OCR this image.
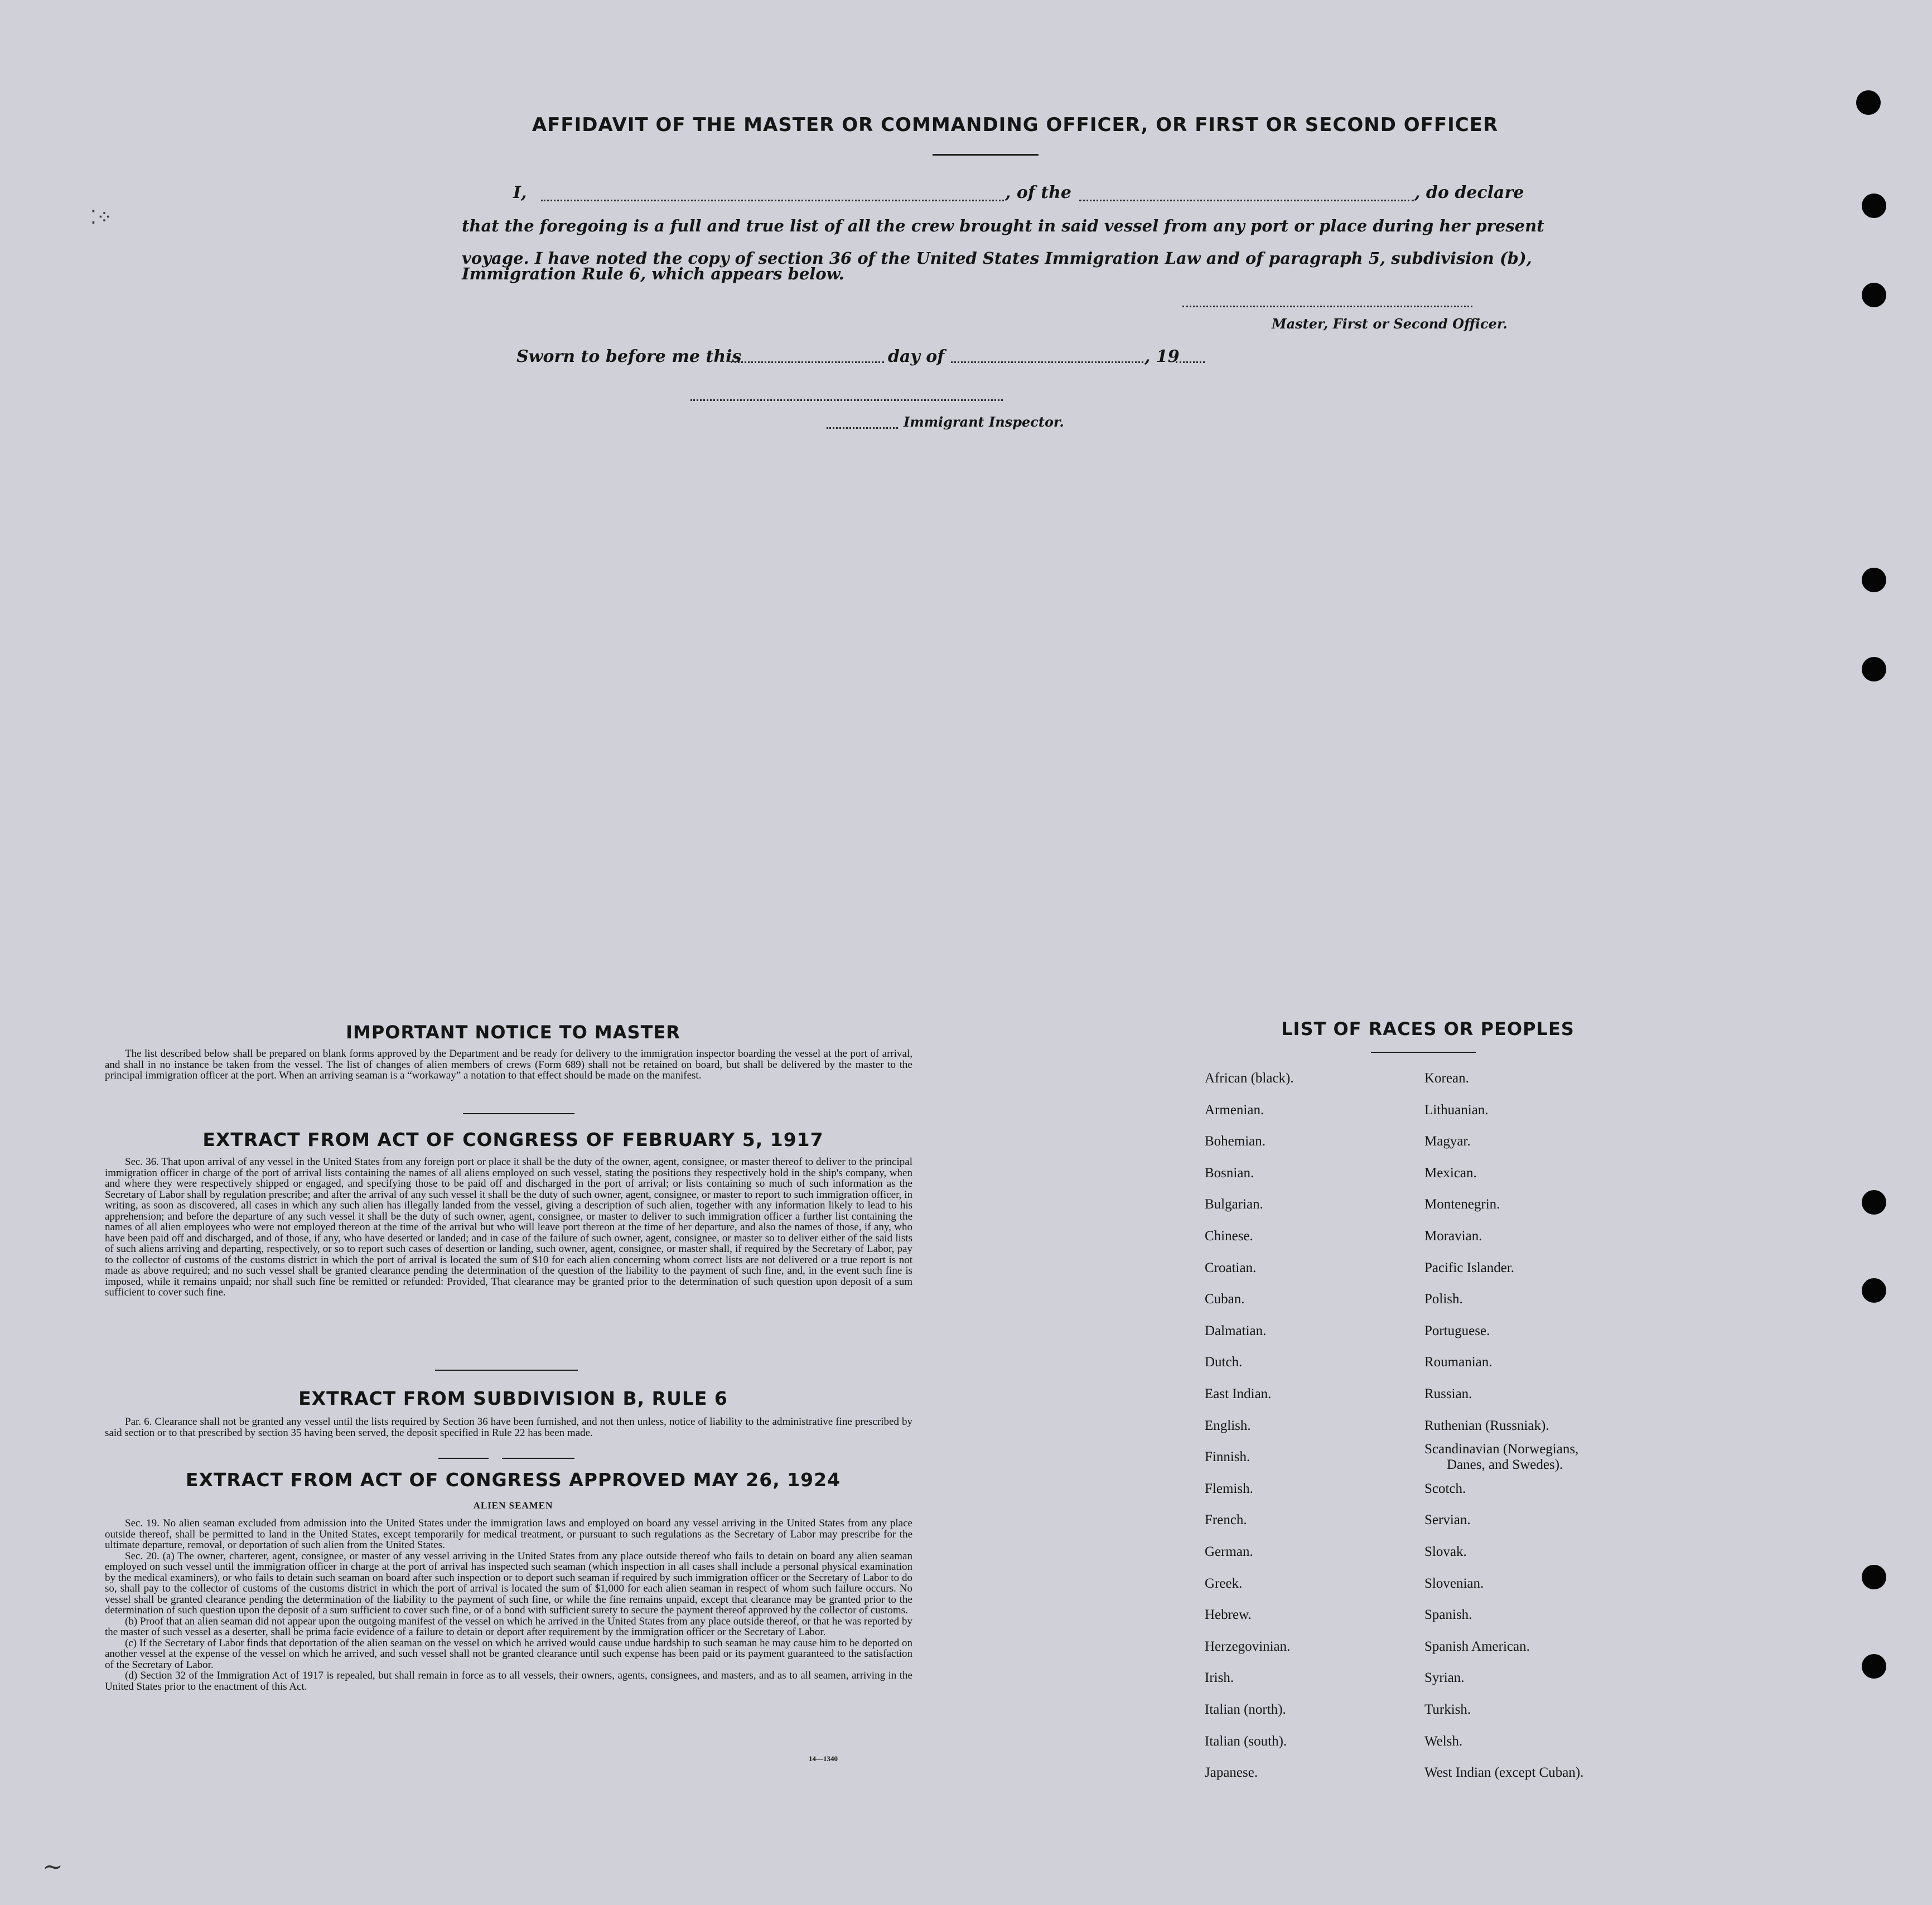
⁚⁘
~
AFFIDAVIT OF THE MASTER OR COMMANDING OFFICER, OR FIRST OR SECOND OFFICER
I,	, of the	, do declare
that the foregoing is a full and true list of all the crew brought in said vessel from any port or place during her present
voyage. I have noted the copy of section 36 of the United States Immigration Law and of paragraph 5, subdivision (b),
Immigration Rule 6, which appears below.
Master, First or Second Officer.
Sworn to before me this	day of	, 19
Immigrant Inspector.
IMPORTANT NOTICE TO MASTER

The list described below shall be prepared on blank forms approved by the Department and be ready for delivery to the immigration inspector boarding the vessel at the port of arrival, and shall in no instance be taken from the vessel. The list of changes of alien members of crews (Form 689) shall not be retained on board, but shall be delivered by the master to the principal immigration officer at the port. When an arriving seaman is a “workaway” a notation to that effect should be made on the manifest.

EXTRACT FROM ACT OF CONGRESS OF FEBRUARY 5, 1917

Sec. 36. That upon arrival of any vessel in the United States from any foreign port or place it shall be the duty of the owner, agent, consignee, or master thereof to deliver to the principal immigration officer in charge of the port of arrival lists containing the names of all aliens employed on such vessel, stating the positions they respectively hold in the ship's company, when and where they were respectively shipped or engaged, and specifying those to be paid off and discharged in the port of arrival; or lists containing so much of such information as the Secretary of Labor shall by regulation prescribe; and after the arrival of any such vessel it shall be the duty of such owner, agent, consignee, or master to report to such immigration officer, in writing, as soon as discovered, all cases in which any such alien has illegally landed from the vessel, giving a description of such alien, together with any information likely to lead to his apprehension; and before the departure of any such vessel it shall be the duty of such owner, agent, consignee, or master to deliver to such immigration officer a further list containing the names of all alien employees who were not employed thereon at the time of the arrival but who will leave port thereon at the time of her departure, and also the names of those, if any, who have been paid off and discharged, and of those, if any, who have deserted or landed; and in case of the failure of such owner, agent, consignee, or master so to deliver either of the said lists of such aliens arriving and departing, respectively, or so to report such cases of desertion or landing, such owner, agent, consignee, or master shall, if required by the Secretary of Labor, pay to the collector of customs of the customs district in which the port of arrival is located the sum of $10 for each alien concerning whom correct lists are not delivered or a true report is not made as above required; and no such vessel shall be granted clearance pending the determination of the question of the liability to the payment of such fine, and, in the event such fine is imposed, while it remains unpaid; nor shall such fine be remitted or refunded: Provided, That clearance may be granted prior to the determination of such question upon deposit of a sum sufficient to cover such fine.

EXTRACT FROM SUBDIVISION B, RULE 6

Par. 6. Clearance shall not be granted any vessel until the lists required by Section 36 have been furnished, and not then unless, notice of liability to the administrative fine prescribed by said section or to that prescribed by section 35 having been served, the deposit specified in Rule 22 has been made.

EXTRACT FROM ACT OF CONGRESS APPROVED MAY 26, 1924
ALIEN SEAMEN

Sec. 19. No alien seaman excluded from admission into the United States under the immigration laws and employed on board any vessel arriving in the United States from any place outside thereof, shall be permitted to land in the United States, except temporarily for medical treatment, or pursuant to such regulations as the Secretary of Labor may prescribe for the ultimate departure, removal, or deportation of such alien from the United States.

Sec. 20. (a) The owner, charterer, agent, consignee, or master of any vessel arriving in the United States from any place outside thereof who fails to detain on board any alien seaman employed on such vessel until the immigration officer in charge at the port of arrival has inspected such seaman (which inspection in all cases shall include a personal physical examination by the medical examiners), or who fails to detain such seaman on board after such inspection or to deport such seaman if required by such immigration officer or the Secretary of Labor to do so, shall pay to the collector of customs of the customs district in which the port of arrival is located the sum of $1,000 for each alien seaman in respect of whom such failure occurs. No vessel shall be granted clearance pending the determination of the liability to the payment of such fine, or while the fine remains unpaid, except that clearance may be granted prior to the determination of such question upon the deposit of a sum sufficient to cover such fine, or of a bond with sufficient surety to secure the payment thereof approved by the collector of customs.

(b) Proof that an alien seaman did not appear upon the outgoing manifest of the vessel on which he arrived in the United States from any place outside thereof, or that he was reported by the master of such vessel as a deserter, shall be prima facie evidence of a failure to detain or deport after requirement by the immigration officer or the Secretary of Labor.

(c) If the Secretary of Labor finds that deportation of the alien seaman on the vessel on which he arrived would cause undue hardship to such seaman he may cause him to be deported on another vessel at the expense of the vessel on which he arrived, and such vessel shall not be granted clearance until such expense has been paid or its payment guaranteed to the satisfaction of the Secretary of Labor.

(d) Section 32 of the Immigration Act of 1917 is repealed, but shall remain in force as to all vessels, their owners, agents, consignees, and masters, and as to all seamen, arriving in the United States prior to the enactment of this Act.

14—1340
LIST OF RACES OR PEOPLES
African (black).
Armenian.
Bohemian.
Bosnian.
Bulgarian.
Chinese.
Croatian.
Cuban.
Dalmatian.
Dutch.
East Indian.
English.
Finnish.
Flemish.
French.
German.
Greek.
Hebrew.
Herzegovinian.
Irish.
Italian (north).
Italian (south).
Japanese.
Korean.
Lithuanian.
Magyar.
Mexican.
Montenegrin.
Moravian.
Pacific Islander.
Polish.
Portuguese.
Roumanian.
Russian.
Ruthenian (Russniak).
Scandinavian (Norwegians,
Danes, and Swedes).
Scotch.
Servian.
Slovak.
Slovenian.
Spanish.
Spanish American.
Syrian.
Turkish.
Welsh.
West Indian (except Cuban).
